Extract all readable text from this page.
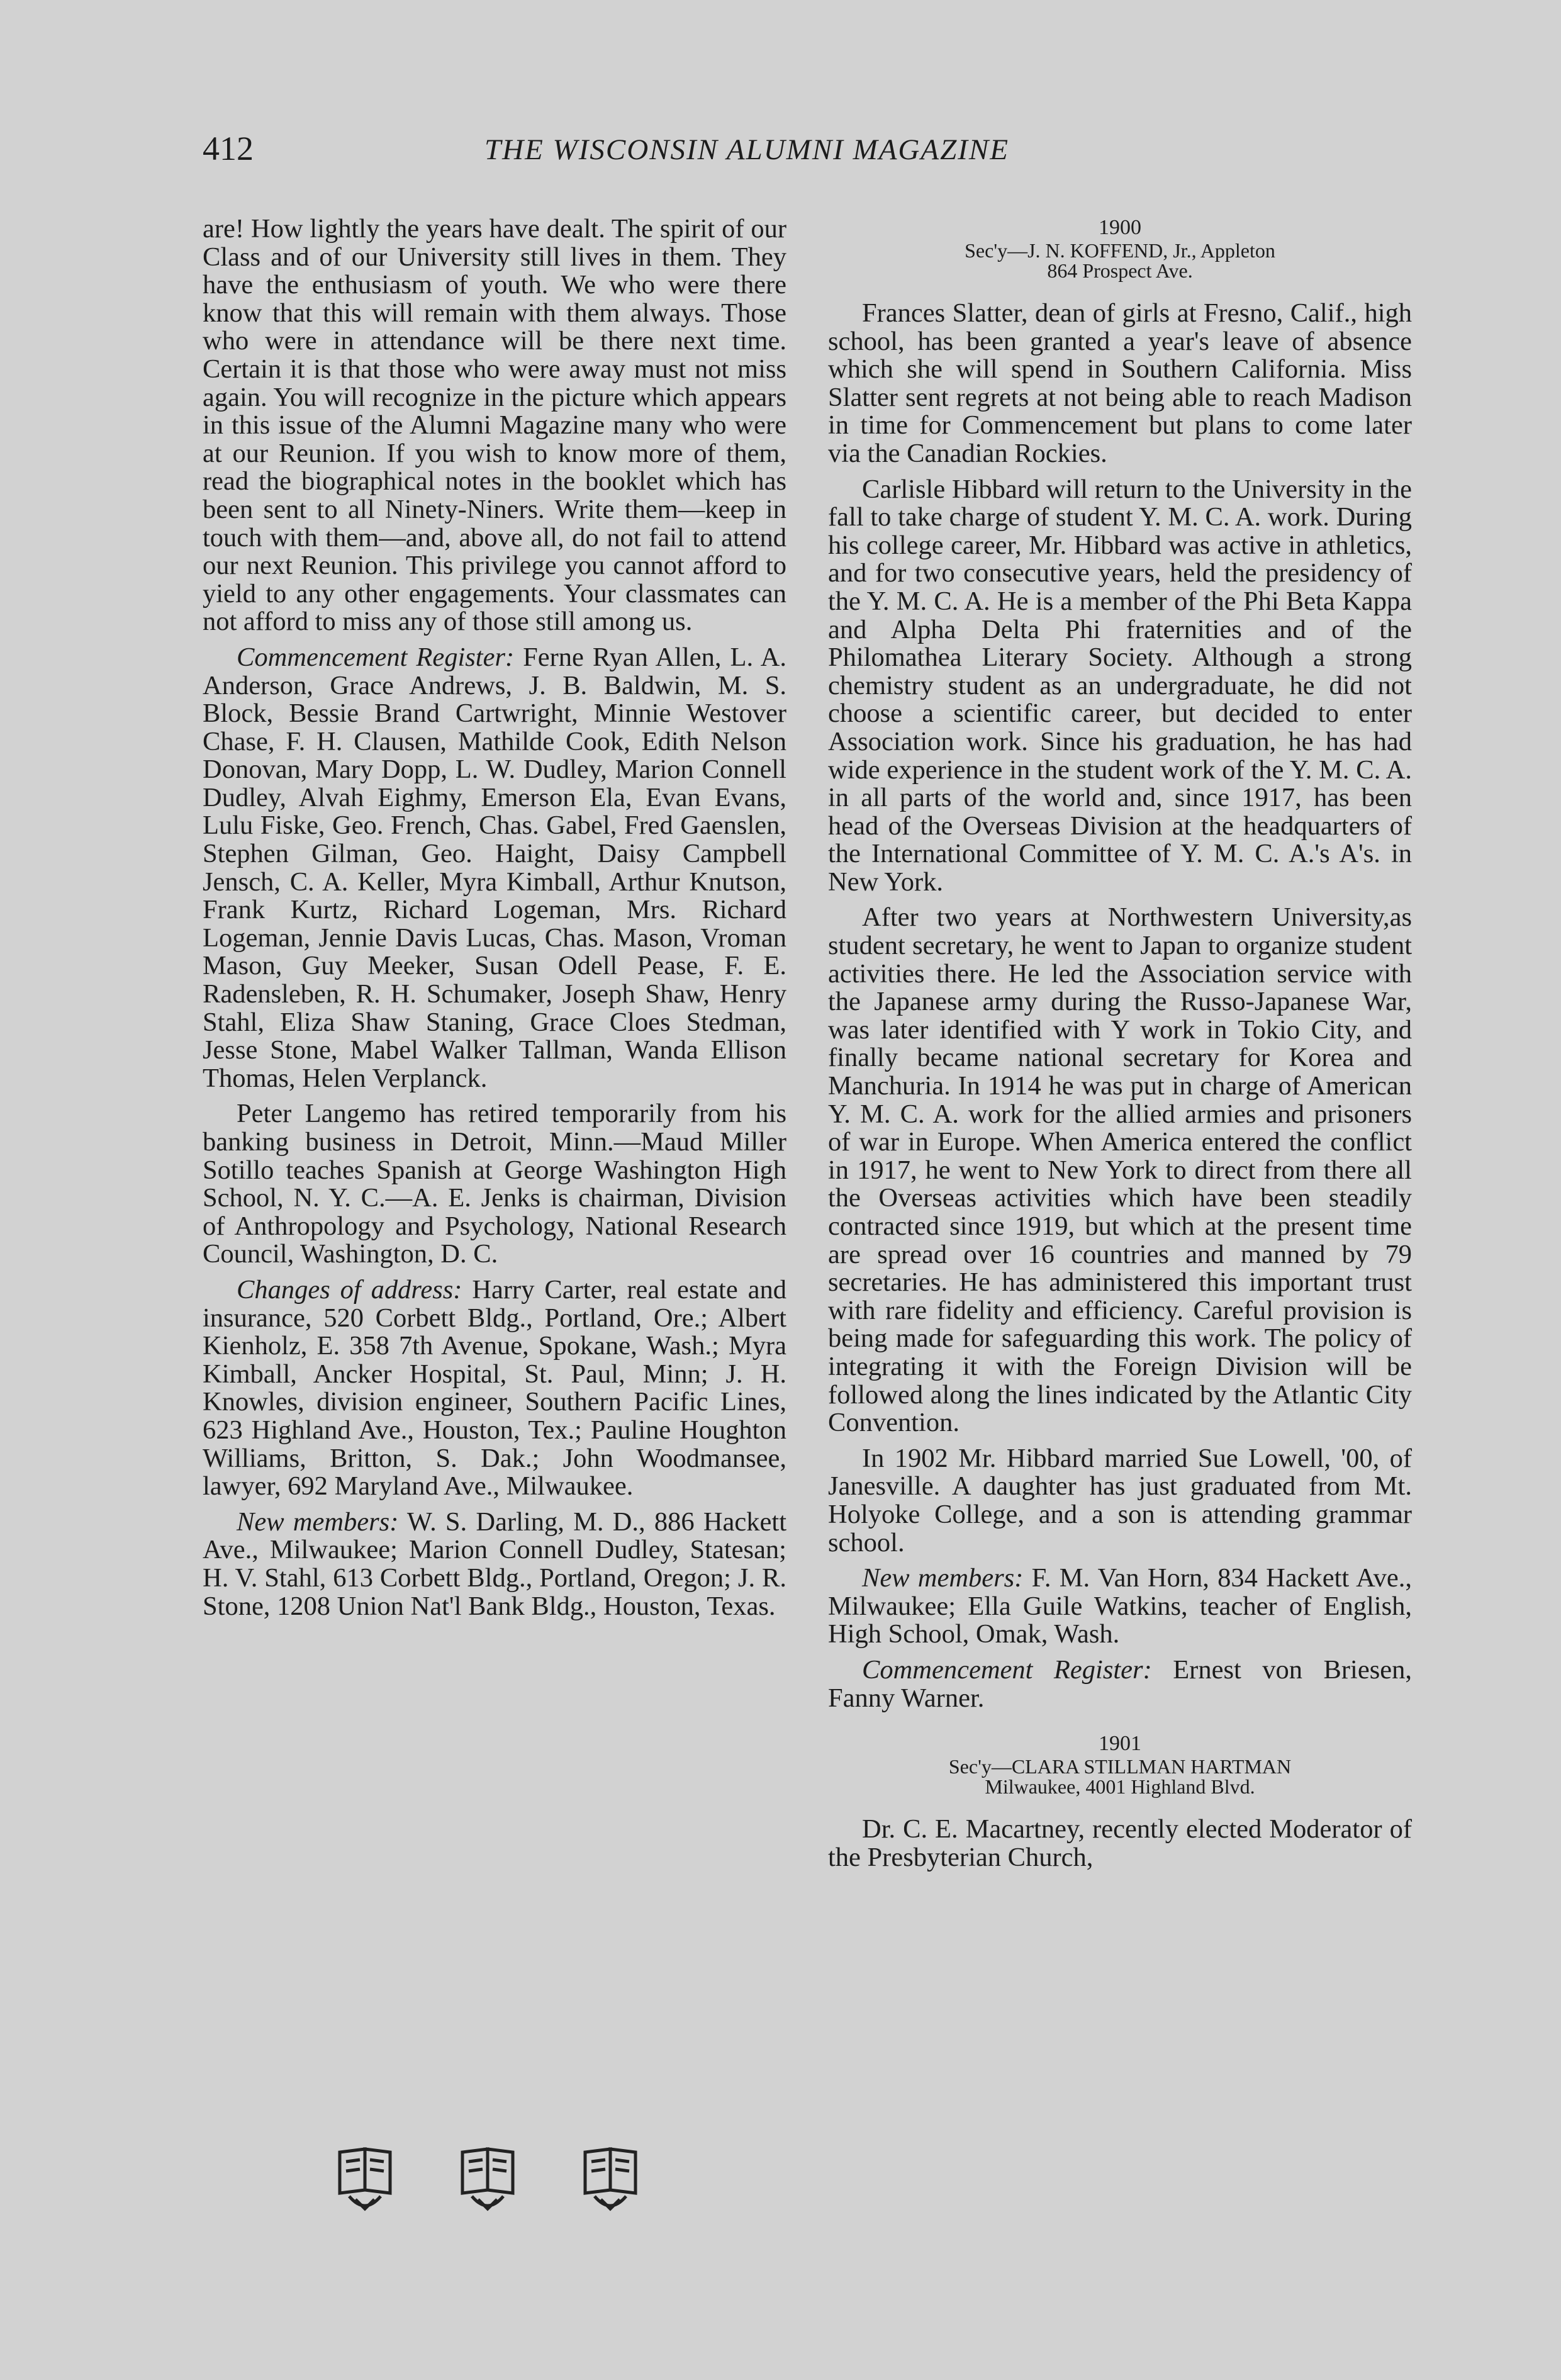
412	THE WISCONSIN ALUMNI MAGAZINE

are! How lightly the years have dealt. The spirit of our Class and of our University still lives in them. They have the enthusiasm of youth. We who were there know that this will remain with them always. Those who were in attendance will be there next time. Certain it is that those who were away must not miss again. You will recognize in the picture which appears in this issue of the Alumni Magazine many who were at our Reunion. If you wish to know more of them, read the biographical notes in the booklet which has been sent to all Ninety-Niners. Write them—keep in touch with them—and, above all, do not fail to attend our next Reunion. This privilege you cannot afford to yield to any other engagements. Your classmates can not afford to miss any of those still among us.

Commencement Register: Ferne Ryan Allen, L. A. Anderson, Grace Andrews, J. B. Baldwin, M. S. Block, Bessie Brand Cartwright, Minnie Westover Chase, F. H. Clausen, Mathilde Cook, Edith Nelson Donovan, Mary Dopp, L. W. Dudley, Marion Connell Dudley, Alvah Eighmy, Emerson Ela, Evan Evans, Lulu Fiske, Geo. French, Chas. Gabel, Fred Gaenslen, Stephen Gilman, Geo. Haight, Daisy Campbell Jensch, C. A. Keller, Myra Kimball, Arthur Knutson, Frank Kurtz, Richard Logeman, Mrs. Richard Logeman, Jennie Davis Lucas, Chas. Mason, Vroman Mason, Guy Meeker, Susan Odell Pease, F. E. Radensleben, R. H. Schumaker, Joseph Shaw, Henry Stahl, Eliza Shaw Staning, Grace Cloes Stedman, Jesse Stone, Mabel Walker Tallman, Wanda Ellison Thomas, Helen Verplanck.

Peter Langemo has retired temporarily from his banking business in Detroit, Minn.—Maud Miller Sotillo teaches Spanish at George Washington High School, N. Y. C.—A. E. Jenks is chairman, Division of Anthropology and Psychology, National Research Council, Washington, D. C.

Changes of address: Harry Carter, real estate and insurance, 520 Corbett Bldg., Portland, Ore.; Albert Kienholz, E. 358 7th Avenue, Spokane, Wash.; Myra Kimball, Ancker Hospital, St. Paul, Minn; J. H. Knowles, division engineer, Southern Pacific Lines, 623 Highland Ave., Houston, Tex.; Pauline Houghton Williams, Britton, S. Dak.; John Woodmansee, lawyer, 692 Maryland Ave., Milwaukee.

New members: W. S. Darling, M. D., 886 Hackett Ave., Milwaukee; Marion Connell Dudley, Statesan; H. V. Stahl, 613 Corbett Bldg., Portland, Oregon; J. R. Stone, 1208 Union Nat'l Bank Bldg., Houston, Texas.

1900
Sec'y—J. N. KOFFEND, Jr., Appleton
864 Prospect Ave.

Frances Slatter, dean of girls at Fresno, Calif., high school, has been granted a year's leave of absence which she will spend in Southern California. Miss Slatter sent regrets at not being able to reach Madison in time for Commencement but plans to come later via the Canadian Rockies.

Carlisle Hibbard will return to the University in the fall to take charge of student Y. M. C. A. work. During his college career, Mr. Hibbard was active in athletics, and for two consecutive years, held the presidency of the Y. M. C. A. He is a member of the Phi Beta Kappa and Alpha Delta Phi fraternities and of the Philomathea Literary Society. Although a strong chemistry student as an undergraduate, he did not choose a scientific career, but decided to enter Association work. Since his graduation, he has had wide experience in the student work of the Y. M. C. A. in all parts of the world and, since 1917, has been head of the Overseas Division at the headquarters of the International Committee of Y. M. C. A.'s A's. in New York.

After two years at Northwestern University,as student secretary, he went to Japan to organize student activities there. He led the Association service with the Japanese army during the Russo-Japanese War, was later identified with Y work in Tokio City, and finally became national secretary for Korea and Manchuria. In 1914 he was put in charge of American Y. M. C. A. work for the allied armies and prisoners of war in Europe. When America entered the conflict in 1917, he went to New York to direct from there all the Overseas activities which have been steadily contracted since 1919, but which at the present time are spread over 16 countries and manned by 79 secretaries. He has administered this important trust with rare fidelity and efficiency. Careful provision is being made for safeguarding this work. The policy of integrating it with the Foreign Division will be followed along the lines indicated by the Atlantic City Convention.

In 1902 Mr. Hibbard married Sue Lowell, '00, of Janesville. A daughter has just graduated from Mt. Holyoke College, and a son is attending grammar school.

New members: F. M. Van Horn, 834 Hackett Ave., Milwaukee; Ella Guile Watkins, teacher of English, High School, Omak, Wash.

Commencement Register: Ernest von Briesen, Fanny Warner.

1901
Sec'y—CLARA STILLMAN HARTMAN
Milwaukee, 4001 Highland Blvd.

Dr. C. E. Macartney, recently elected Moderator of the Presbyterian Church,
